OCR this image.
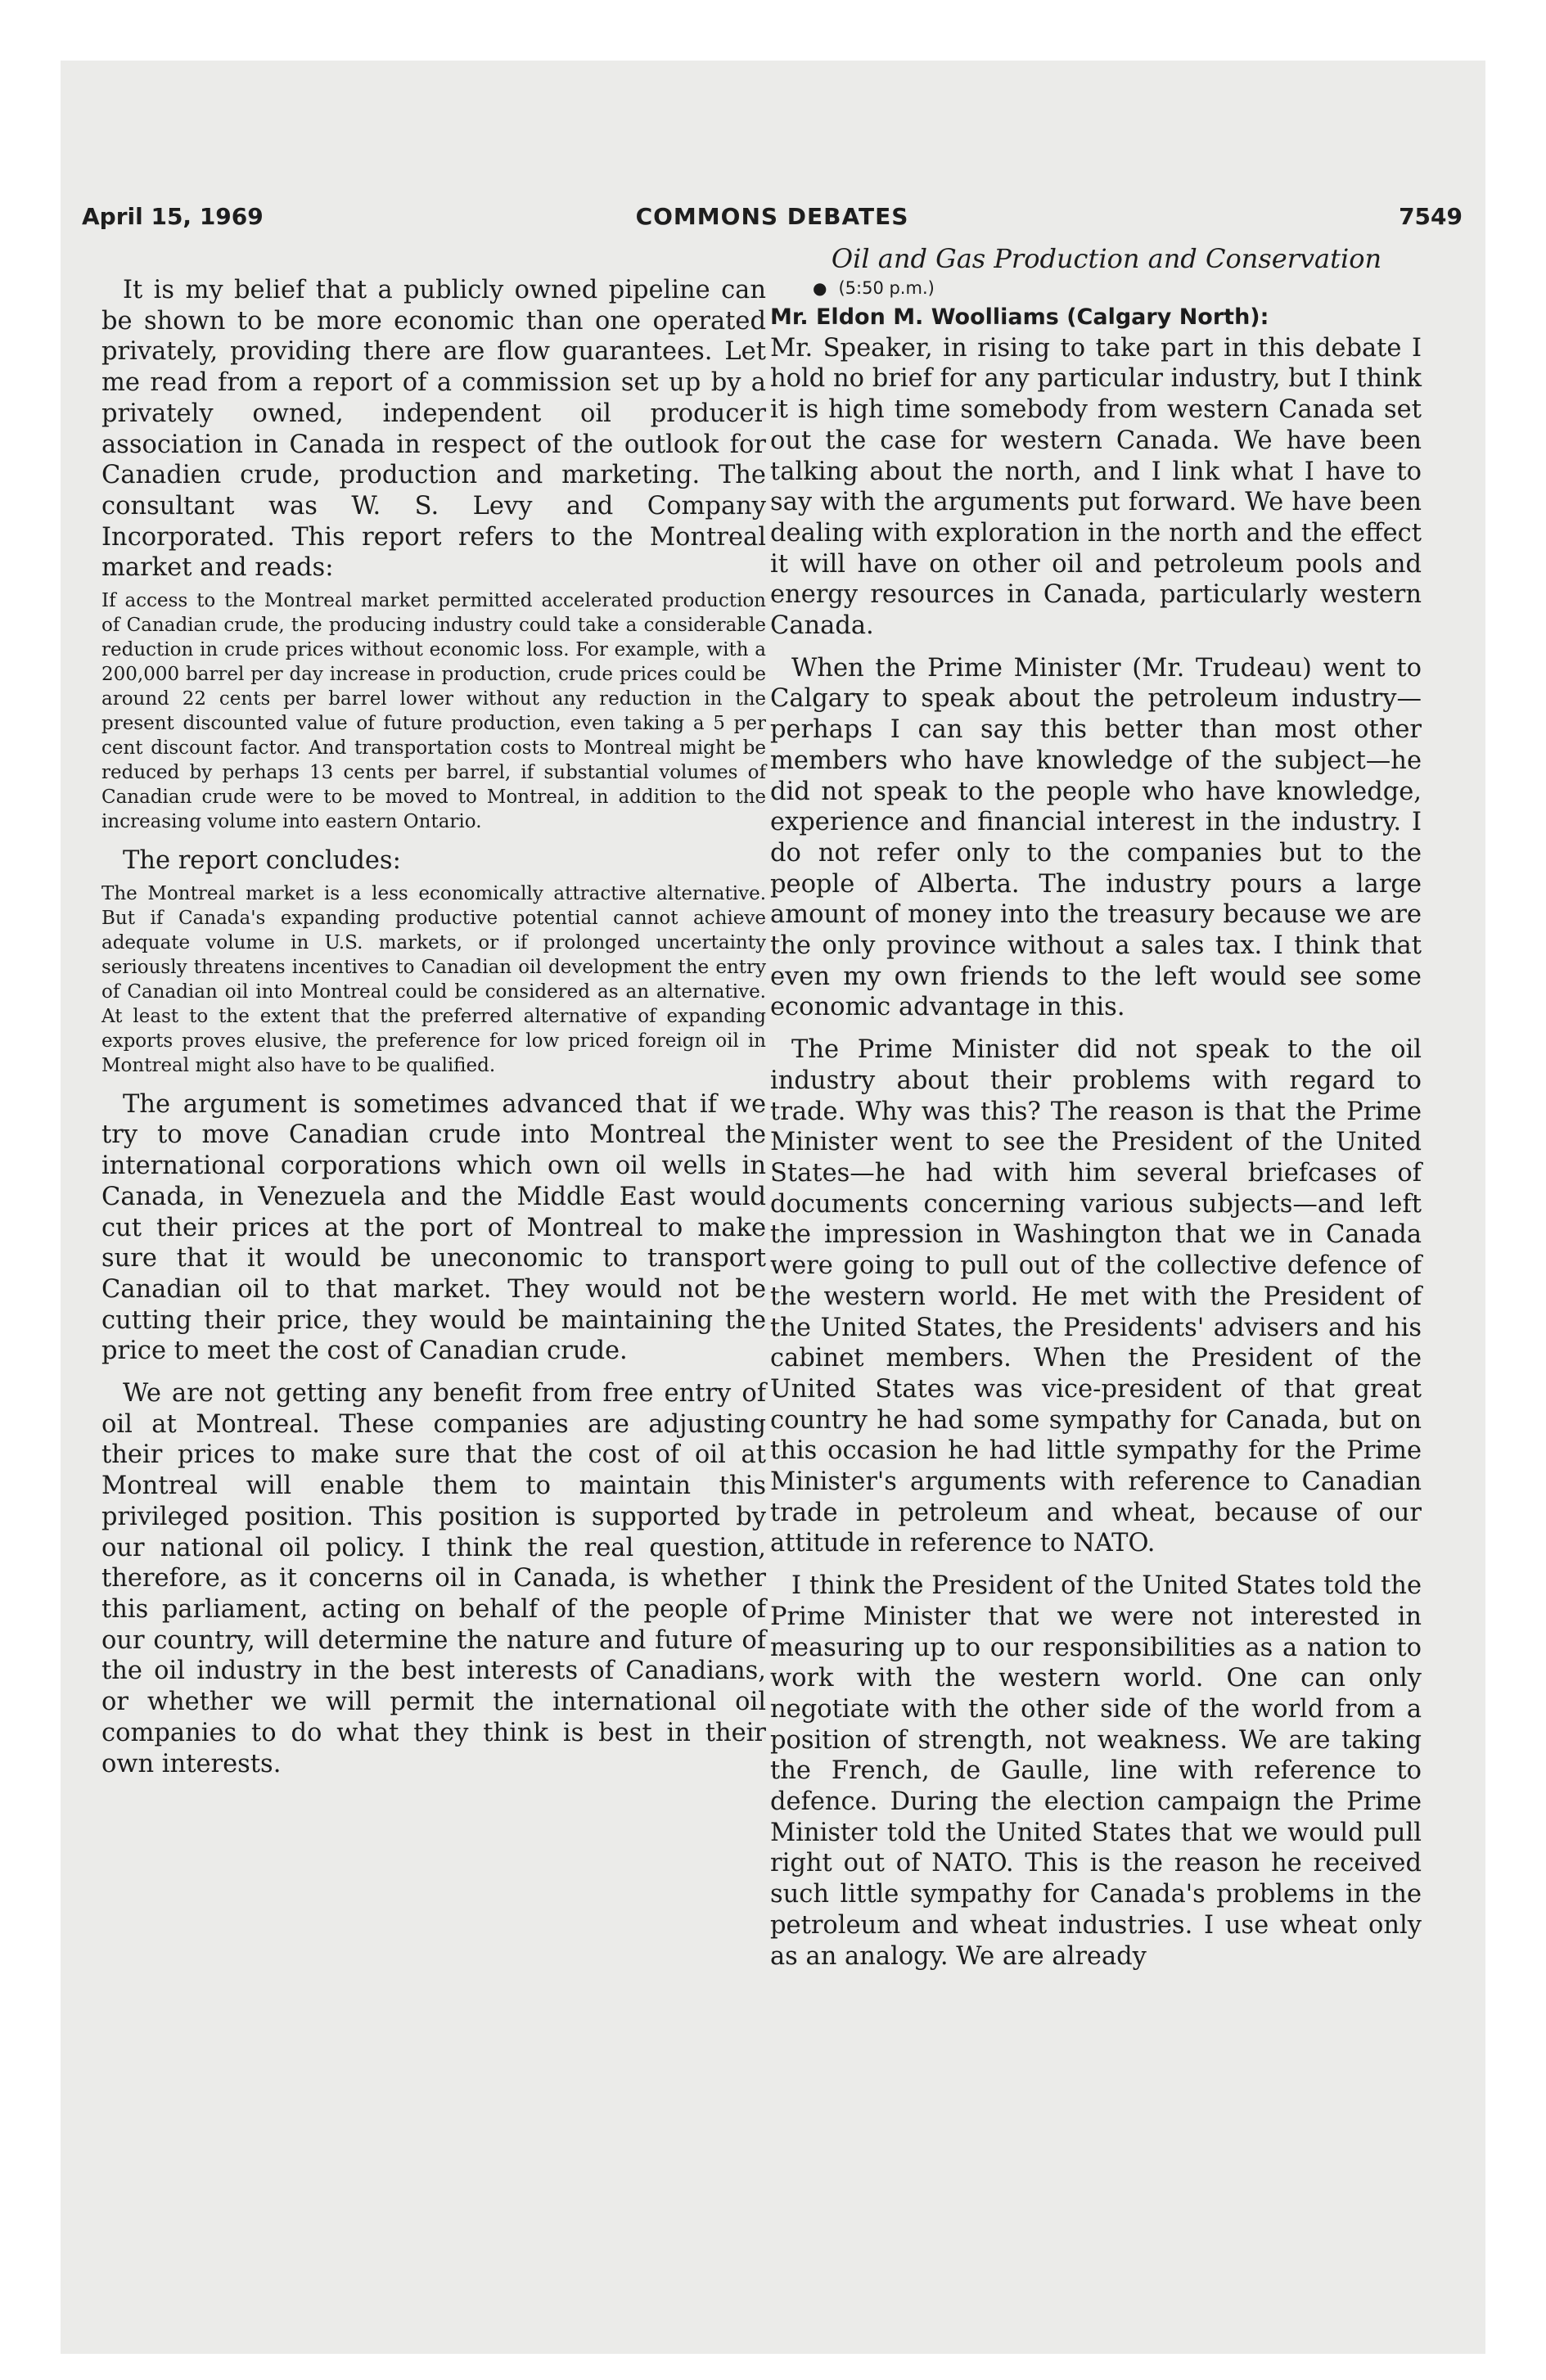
April 15, 1969	COMMONS DEBATES	7549

It is my belief that a publicly owned pipeline can be shown to be more economic than one operated privately, providing there are flow guarantees. Let me read from a report of a commission set up by a privately owned, independent oil producer association in Canada in respect of the outlook for Canadien crude, production and marketing. The consultant was W. S. Levy and Company Incorporated. This report refers to the Montreal market and reads:

If access to the Montreal market permitted accelerated production of Canadian crude, the producing industry could take a considerable reduction in crude prices without economic loss. For example, with a 200,000 barrel per day increase in production, crude prices could be around 22 cents per barrel lower without any reduction in the present discounted value of future production, even taking a 5 per cent discount factor. And transportation costs to Montreal might be reduced by perhaps 13 cents per barrel, if substantial volumes of Canadian crude were to be moved to Montreal, in addition to the increasing volume into eastern Ontario.

The report concludes:

The Montreal market is a less economically attractive alternative. But if Canada's expanding productive potential cannot achieve adequate volume in U.S. markets, or if prolonged uncertainty seriously threatens incentives to Canadian oil development the entry of Canadian oil into Montreal could be considered as an alternative. At least to the extent that the preferred alternative of expanding exports proves elusive, the preference for low priced foreign oil in Montreal might also have to be qualified.

The argument is sometimes advanced that if we try to move Canadian crude into Montreal the international corporations which own oil wells in Canada, in Venezuela and the Middle East would cut their prices at the port of Montreal to make sure that it would be uneconomic to transport Canadian oil to that market. They would not be cutting their price, they would be maintaining the price to meet the cost of Canadian crude.

We are not getting any benefit from free entry of oil at Montreal. These companies are adjusting their prices to make sure that the cost of oil at Montreal will enable them to maintain this privileged position. This position is supported by our national oil policy. I think the real question, therefore, as it concerns oil in Canada, is whether this parliament, acting on behalf of the people of our country, will determine the nature and future of the oil industry in the best interests of Canadians, or whether we will permit the international oil companies to do what they think is best in their own interests.

Oil and Gas Production and Conservation

● (5:50 p.m.)

Mr. Eldon M. Woolliams (Calgary North):

Mr. Speaker, in rising to take part in this debate I hold no brief for any particular industry, but I think it is high time somebody from western Canada set out the case for western Canada. We have been talking about the north, and I link what I have to say with the arguments put forward. We have been dealing with exploration in the north and the effect it will have on other oil and petroleum pools and energy resources in Canada, particularly western Canada.

When the Prime Minister (Mr. Trudeau) went to Calgary to speak about the petroleum industry—perhaps I can say this better than most other members who have knowledge of the subject—he did not speak to the people who have knowledge, experience and financial interest in the industry. I do not refer only to the companies but to the people of Alberta. The industry pours a large amount of money into the treasury because we are the only province without a sales tax. I think that even my own friends to the left would see some economic advantage in this.

The Prime Minister did not speak to the oil industry about their problems with regard to trade. Why was this? The reason is that the Prime Minister went to see the President of the United States—he had with him several briefcases of documents concerning various subjects—and left the impression in Washington that we in Canada were going to pull out of the collective defence of the western world. He met with the President of the United States, the Presidents' advisers and his cabinet members. When the President of the United States was vice-president of that great country he had some sympathy for Canada, but on this occasion he had little sympathy for the Prime Minister's arguments with reference to Canadian trade in petroleum and wheat, because of our attitude in reference to NATO.

I think the President of the United States told the Prime Minister that we were not interested in measuring up to our responsibilities as a nation to work with the western world. One can only negotiate with the other side of the world from a position of strength, not weakness. We are taking the French, de Gaulle, line with reference to defence. During the election campaign the Prime Minister told the United States that we would pull right out of NATO. This is the reason he received such little sympathy for Canada's problems in the petroleum and wheat industries. I use wheat only as an analogy. We are already
